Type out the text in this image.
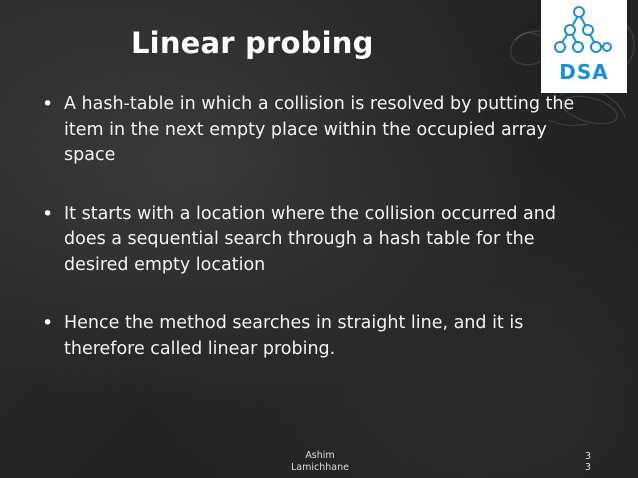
Linear probing
• A hash-table in which a collision is resolved by putting the item in the next empty place within the occupied array space
• It starts with a location where the collision occurred and does a sequential search through a hash table for the desired empty location
• Hence the method searches in straight line, and it is therefore called linear probing.
DSA
Ashim Lamichhane
33
